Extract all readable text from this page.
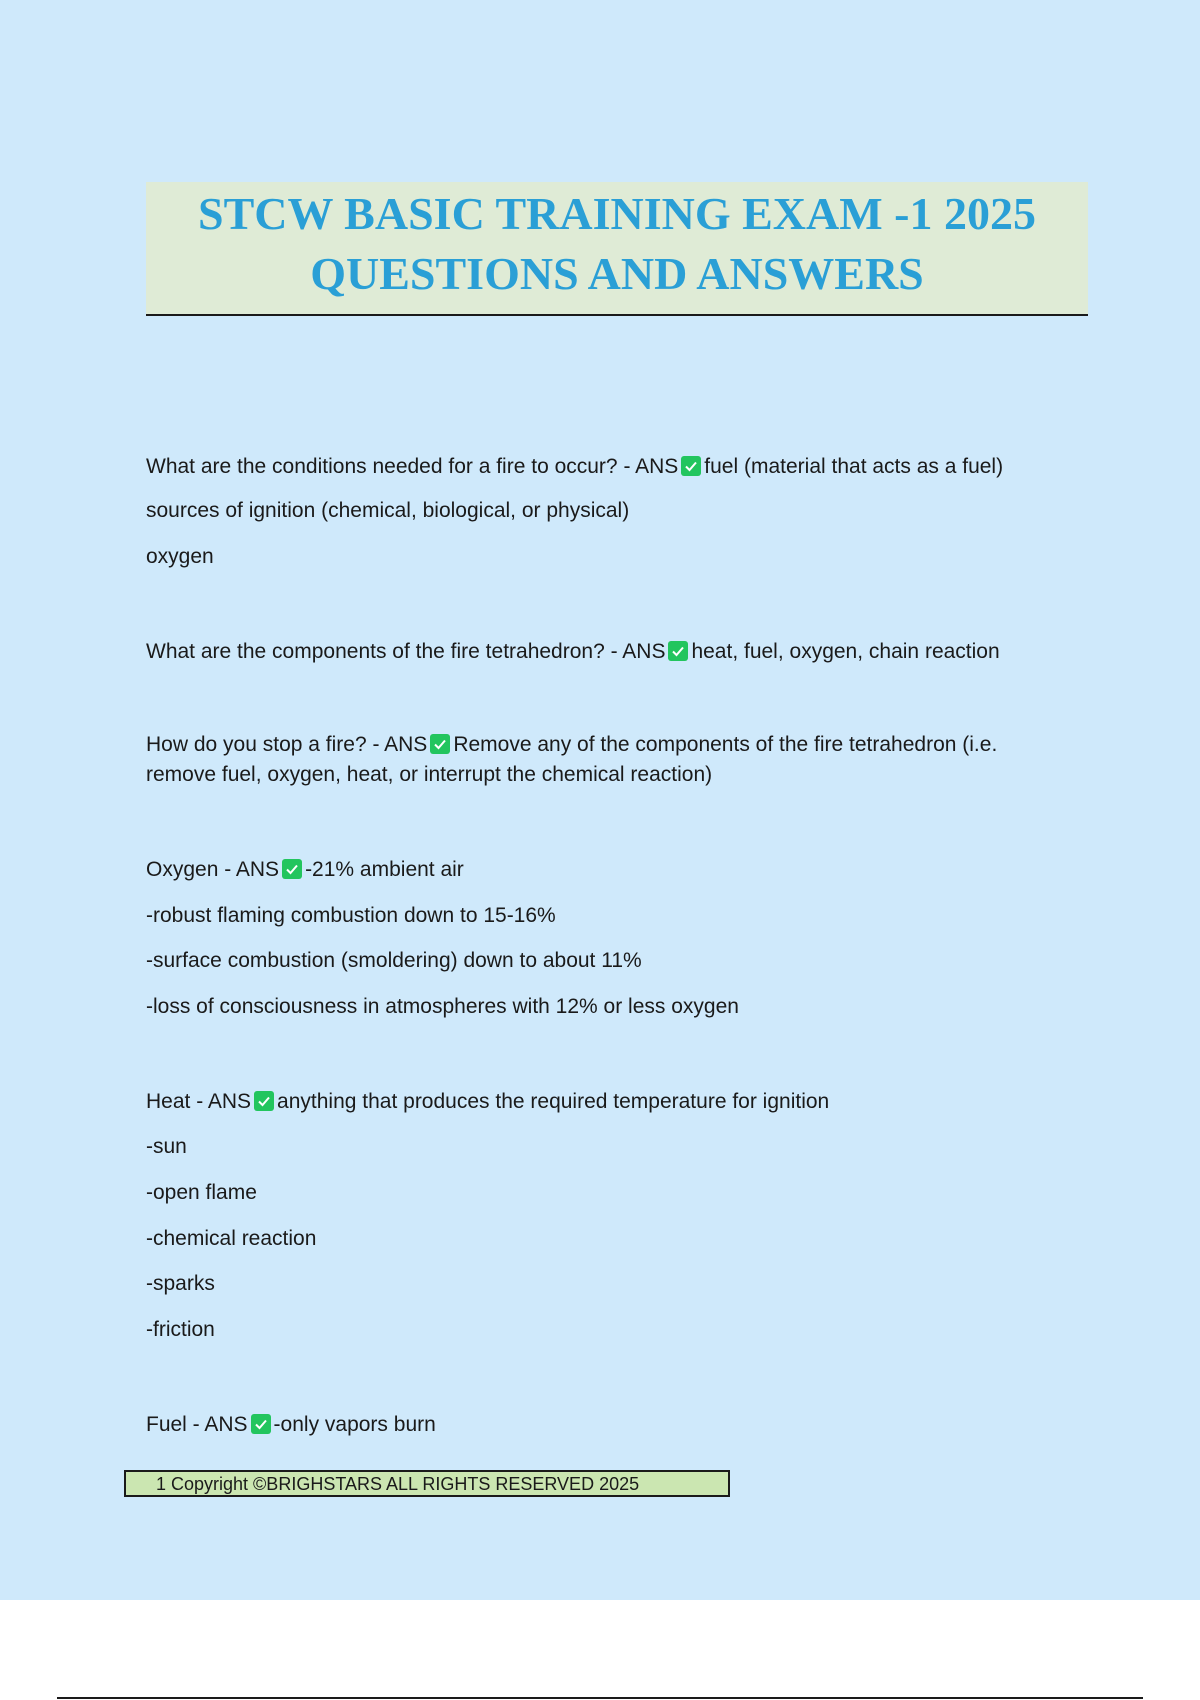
STCW BASIC TRAINING EXAM -1 2025
QUESTIONS AND ANSWERS
What are the conditions needed for a fire to occur? - ANS fuel (material that acts as a fuel)
sources of ignition (chemical, biological, or physical)
oxygen
What are the components of the fire tetrahedron? - ANS heat, fuel, oxygen, chain reaction
How do you stop a fire? - ANS Remove any of the components of the fire tetrahedron (i.e.
remove fuel, oxygen, heat, or interrupt the chemical reaction)
Oxygen - ANS -21% ambient air
-robust flaming combustion down to 15-16%
-surface combustion (smoldering) down to about 11%
-loss of consciousness in atmospheres with 12% or less oxygen
Heat - ANS anything that produces the required temperature for ignition
-sun
-open flame
-chemical reaction
-sparks
-friction
Fuel - ANS -only vapors burn
1 Copyright ©BRIGHSTARS ALL RIGHTS RESERVED 2025
